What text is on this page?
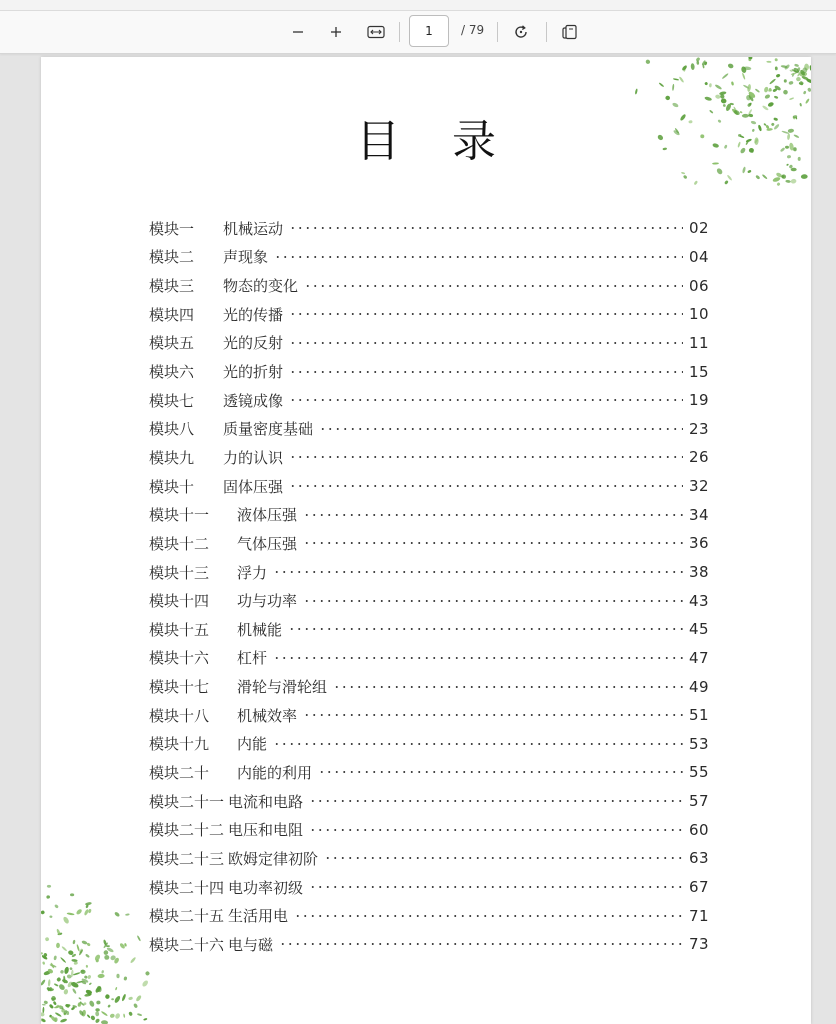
1
/ 79
目录
模块一	机械运动	02
模块二	声现象	04
模块三	物态的变化	06
模块四	光的传播	10
模块五	光的反射	11
模块六	光的折射	15
模块七	透镜成像	19
模块八	质量密度基础	23
模块九	力的认识	26
模块十	固体压强	32
模块十一	液体压强	34
模块十二	气体压强	36
模块十三	浮力	38
模块十四	功与功率	43
模块十五	机械能	45
模块十六	杠杆	47
模块十七	滑轮与滑轮组	49
模块十八	机械效率	51
模块十九	内能	53
模块二十	内能的利用	55
模块二十一 电流和电路	57
模块二十二 电压和电阻	60
模块二十三 欧姆定律初阶	63
模块二十四 电功率初级	67
模块二十五 生活用电	71
模块二十六 电与磁	73
